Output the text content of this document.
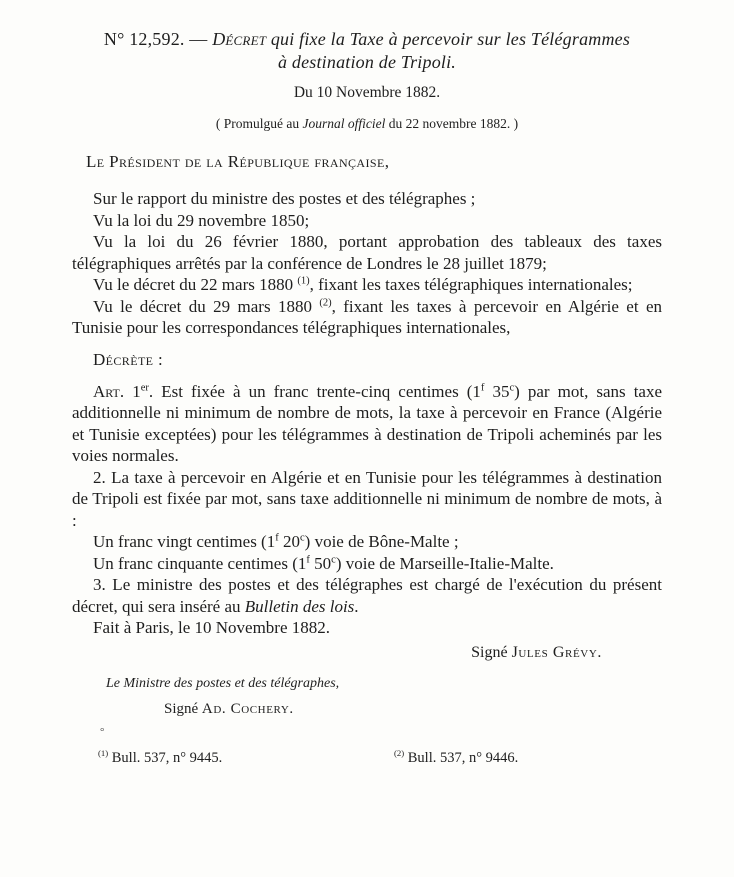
N° 12,592. — Décret qui fixe la Taxe à percevoir sur les Télégrammes

à destination de Tripoli.

Du 10 Novembre 1882.

( Promulgué au Journal officiel du 22 novembre 1882. )

Le Président de la République française,

Sur le rapport du ministre des postes et des télégraphes ;

Vu la loi du 29 novembre 1850;

Vu la loi du 26 février 1880, portant approbation des tableaux des taxes télégraphiques arrêtés par la conférence de Londres le 28 juillet 1879;

Vu le décret du 22 mars 1880 $^{(1)}$, fixant les taxes télégraphiques internationales;

Vu le décret du 29 mars 1880 $^{(2)}$, fixant les taxes à percevoir en Algérie et en Tunisie pour les correspondances télégraphiques internationales,

Décrète :

Art. 1er. Est fixée à un franc trente-cinq centimes (1$^f$ 35$^c$) par mot, sans taxe additionnelle ni minimum de nombre de mots, la taxe à percevoir en France (Algérie et Tunisie exceptées) pour les télégrammes à destination de Tripoli acheminés par les voies normales.

2. La taxe à percevoir en Algérie et en Tunisie pour les télégrammes à destination de Tripoli est fixée par mot, sans taxe additionnelle ni minimum de nombre de mots, à :

Un franc vingt centimes (1$^f$ 20$^c$) voie de Bône-Malte ;

Un franc cinquante centimes (1$^f$ 50$^c$) voie de Marseille-Italie-Malte.

3. Le ministre des postes et des télégraphes est chargé de l'exécution du présent décret, qui sera inséré au Bulletin des lois.

Fait à Paris, le 10 Novembre 1882.

Signé Jules Grévy.

Le Ministre des postes et des télégraphes,

Signé Ad. Cochery.

$^{(1)}$ Bull. 537, n° 9445.	$^{(2)}$ Bull. 537, n° 9446.
°
